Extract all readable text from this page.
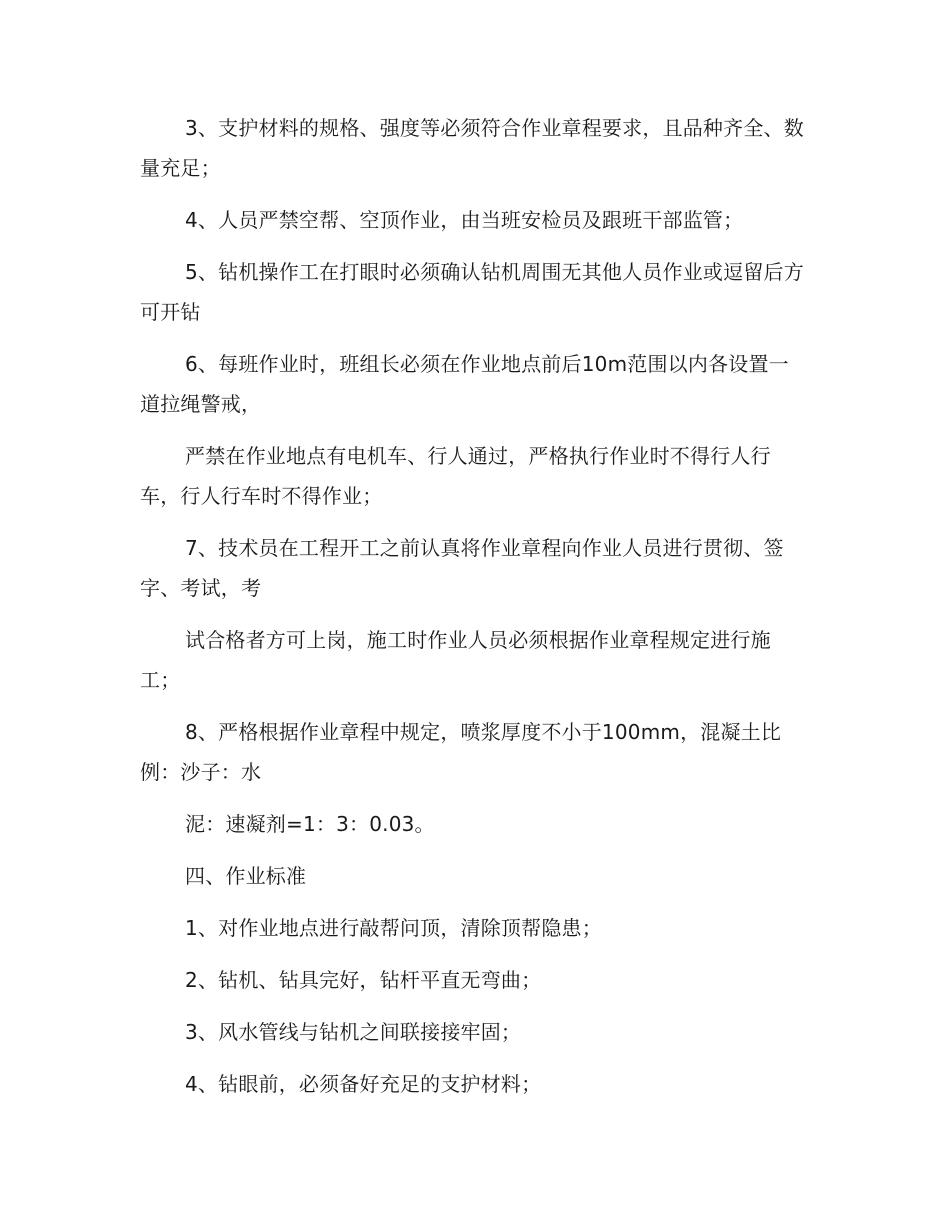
3、支护材料的规格、强度等必须符合作业章程要求，且品种齐全、数量充足；

4、人员严禁空帮、空顶作业，由当班安检员及跟班干部监管；

5、钻机操作工在打眼时必须确认钻机周围无其他人员作业或逗留后方可开钻

6、每班作业时，班组长必须在作业地点前后10m范围以内各设置一道拉绳警戒，

严禁在作业地点有电机车、行人通过，严格执行作业时不得行人行车，行人行车时不得作业；

7、技术员在工程开工之前认真将作业章程向作业人员进行贯彻、签字、考试，考

试合格者方可上岗，施工时作业人员必须根据作业章程规定进行施工；

8、严格根据作业章程中规定，喷浆厚度不小于100mm，混凝土比例：沙子：水

泥：速凝剂=1：3：0.03。

四、作业标准

1、对作业地点进行敲帮问顶，清除顶帮隐患；

2、钻机、钻具完好，钻杆平直无弯曲；

3、风水管线与钻机之间联接接牢固；

4、钻眼前，必须备好充足的支护材料；
